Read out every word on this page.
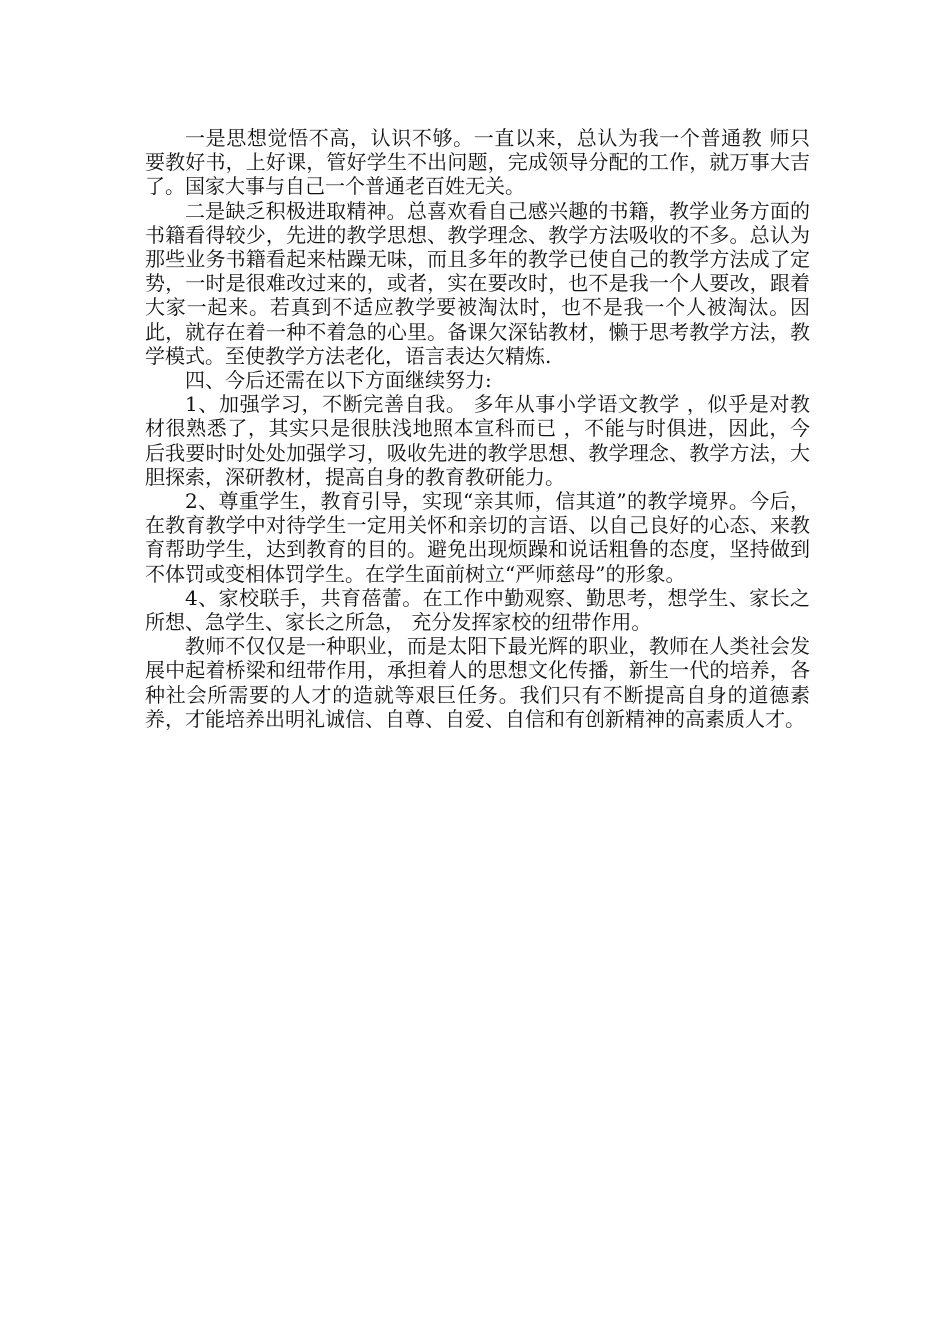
一是思想觉悟不高，认识不够。一直以来，总认为我一个普通教 师只要教好书，上好课，管好学生不出问题，完成领导分配的工作，就万事大吉了。国家大事与自己一个普通老百姓无关。

二是缺乏积极进取精神。总喜欢看自己感兴趣的书籍，教学业务方面的书籍看得较少，先进的教学思想、教学理念、教学方法吸收的不多。总认为那些业务书籍看起来枯躁无味，而且多年的教学已使自己的教学方法成了定势，一时是很难改过来的，或者，实在要改时，也不是我一个人要改，跟着大家一起来。若真到不适应教学要被淘汰时，也不是我一个人被淘汰。因此，就存在着一种不着急的心里。备课欠深钻教材，懒于思考教学方法，教学模式。至使教学方法老化，语言表达欠精炼.

四、今后还需在以下方面继续努力:

1、加强学习，不断完善自我。 多年从事小学语文教学 ，似乎是对教材很熟悉了，其实只是很肤浅地照本宣科而已 ，不能与时俱进，因此，今后我要时时处处加强学习，吸收先进的教学思想、教学理念、教学方法，大胆探索，深研教材，提高自身的教育教研能力。

2、尊重学生，教育引导，实现“亲其师，信其道”的教学境界。今后，在教育教学中对待学生一定用关怀和亲切的言语、以自己良好的心态、来教育帮助学生，达到教育的目的。避免出现烦躁和说话粗鲁的态度，坚持做到不体罚或变相体罚学生。在学生面前树立“严师慈母”的形象。

4、家校联手，共育蓓蕾。在工作中勤观察、勤思考，想学生、家长之所想、急学生、家长之所急， 充分发挥家校的纽带作用。

教师不仅仅是一种职业，而是太阳下最光辉的职业，教师在人类社会发展中起着桥梁和纽带作用，承担着人的思想文化传播，新生一代的培养，各种社会所需要的人才的造就等艰巨任务。我们只有不断提高自身的道德素养，才能培养出明礼诚信、自尊、自爱、自信和有创新精神的高素质人才。
